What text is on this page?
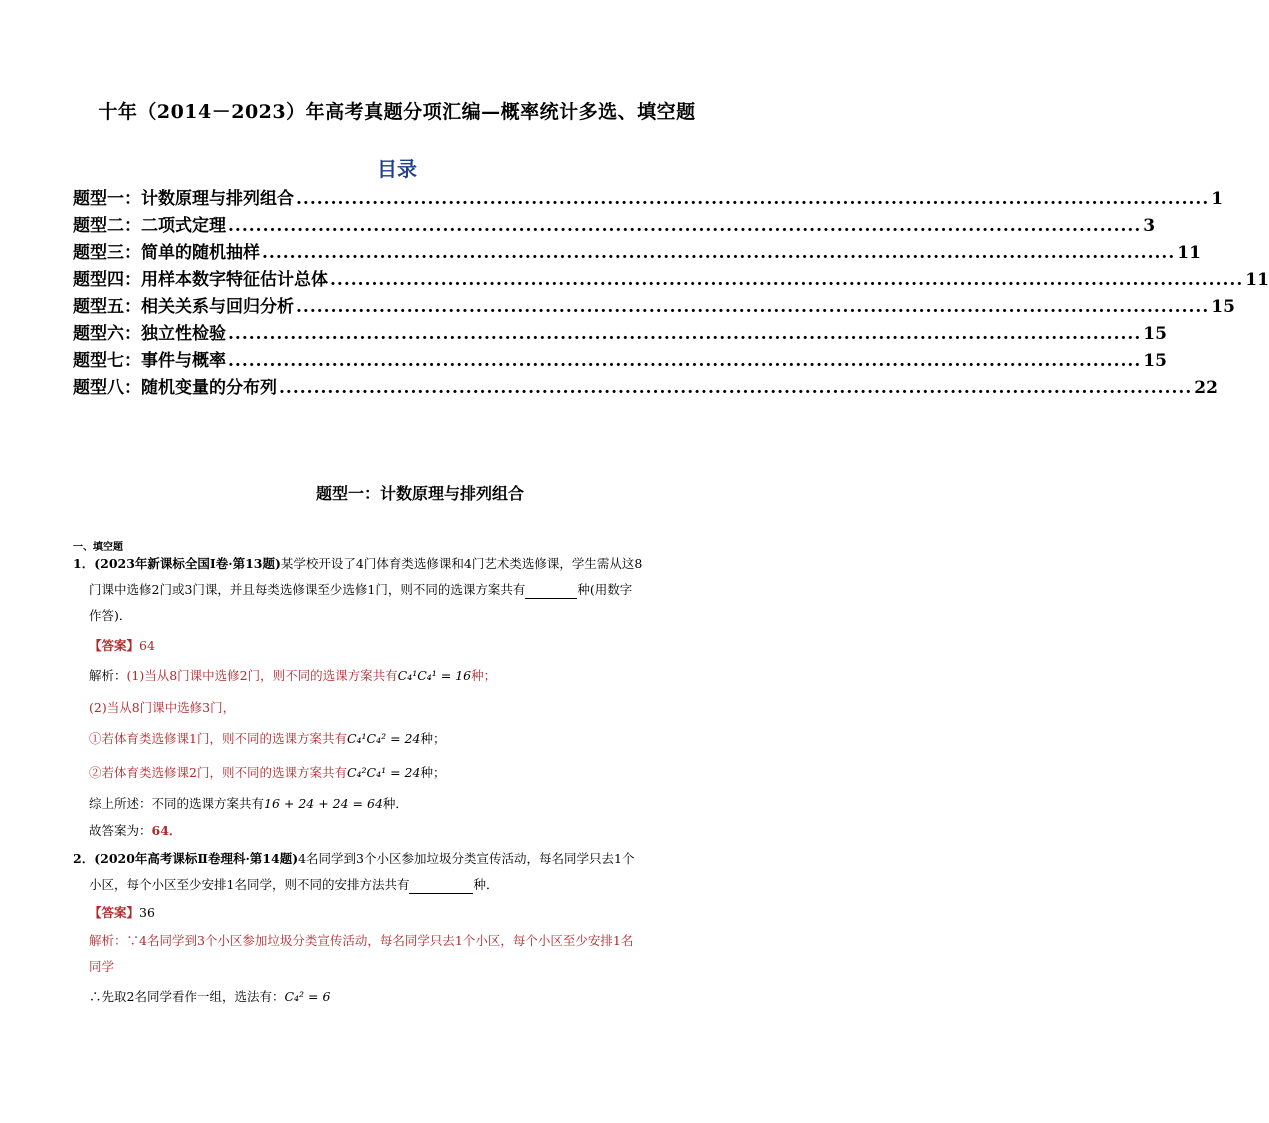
十年（2014－2023）年高考真题分项汇编—概率统计多选、填空题
目录
题型一：计数原理与排列组合 .................................................................................................................................... 1
题型二：二项式定理 .................................................................................................................................... 3
题型三：简单的随机抽样 .................................................................................................................................... 11
题型四：用样本数字特征估计总体 .................................................................................................................................... 11
题型五：相关关系与回归分析 .................................................................................................................................... 15
题型六：独立性检验 .................................................................................................................................... 15
题型七：事件与概率 .................................................................................................................................... 15
题型八：随机变量的分布列 .................................................................................................................................... 22
题型一：计数原理与排列组合
一、填空题
1．(2023年新课标全国Ⅰ卷·第13题)某学校开设了4门体育类选修课和4门艺术类选修课，学生需从这8
门课中选修2门或3门课，并且每类选修课至少选修1门，则不同的选课方案共有	种(用数字
作答)．
【答案】64
解析：(1)当从8门课中选修2门，则不同的选课方案共有C₄¹C₄¹ = 16种；
(2)当从8门课中选修3门，
①若体育类选修课1门，则不同的选课方案共有C₄¹C₄² = 24种；
②若体育类选修课2门，则不同的选课方案共有C₄²C₄¹ = 24种；
综上所述：不同的选课方案共有16 + 24 + 24 = 64种．
故答案为：64．
2．(2020年高考课标Ⅱ卷理科·第14题)4名同学到3个小区参加垃圾分类宣传活动，每名同学只去1个
小区，每个小区至少安排1名同学，则不同的安排方法共有	种．
【答案】36
解析：∵4名同学到3个小区参加垃圾分类宣传活动，每名同学只去1个小区，每个小区至少安排1名
同学
∴先取2名同学看作一组，选法有：C₄² = 6
